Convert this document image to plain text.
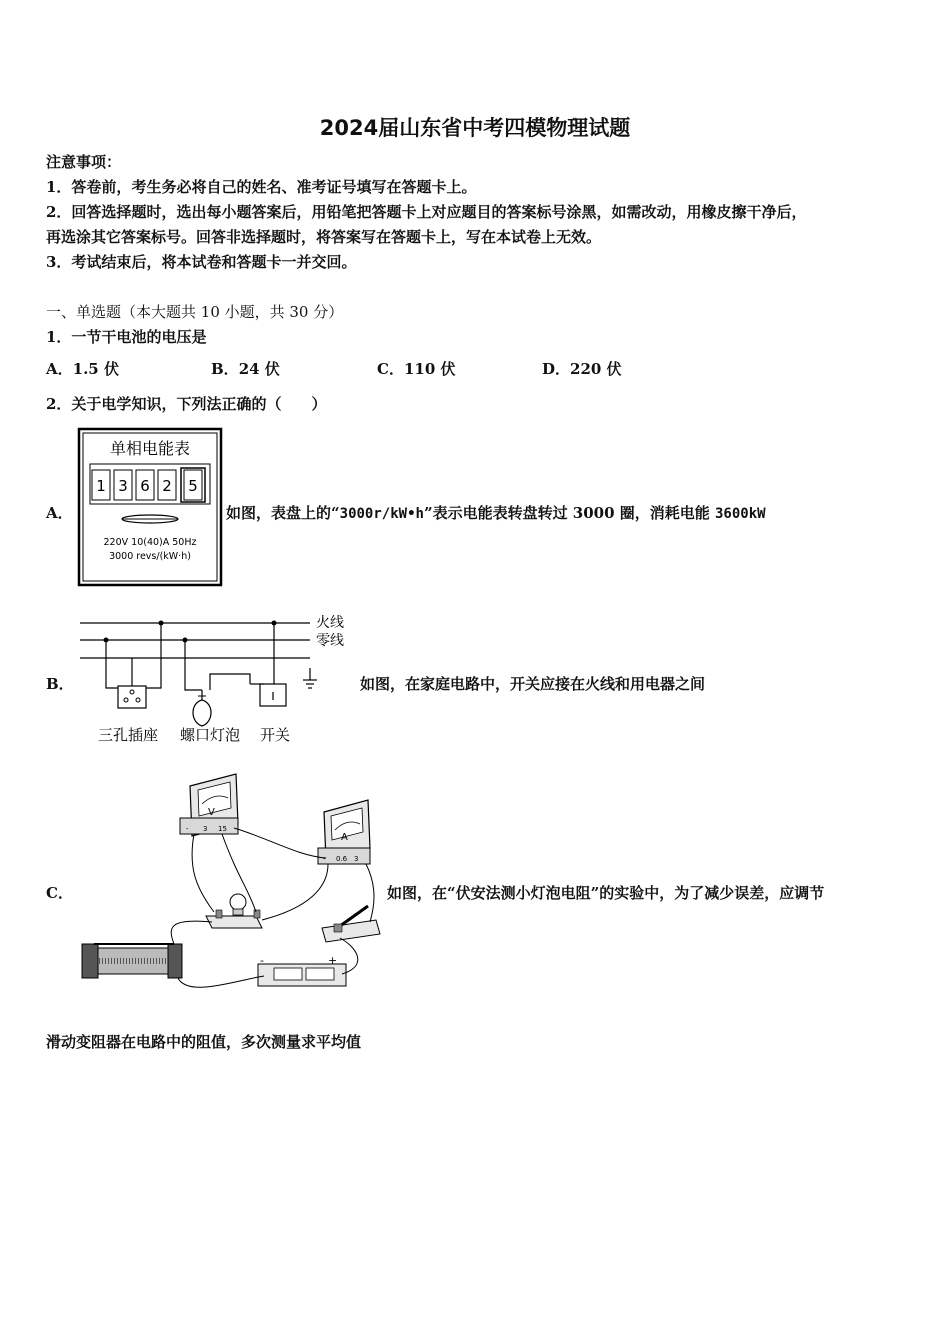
2024届山东省中考四模物理试题
注意事项：
1．答卷前，考生务必将自己的姓名、准考证号填写在答题卡上。
2．回答选择题时，选出每小题答案后，用铅笔把答题卡上对应题目的答案标号涂黑，如需改动，用橡皮擦干净后，
再选涂其它答案标号。回答非选择题时，将答案写在答题卡上，写在本试卷上无效。
3．考试结束后，将本试卷和答题卡一并交回。
一、单选题（本大题共 10 小题，共 30 分）
1．一节干电池的电压是
A．1.5 伏	B．24 伏	C．110 伏	D．220 伏
2．关于电学知识，下列法正确的（　　）
A．
单相电能表
1 3 6 2 5
220V 10(40)A 50Hz
3000 revs/(kW·h)
如图，表盘上的“3000r/kW•h”表示电能表转盘转过 3000 圈，消耗电能 3600kW
B．
火线
零线
三孔插座 螺口灯泡 开关
如图，在家庭电路中，开关应接在火线和用电器之间
C．
V
- 3 15
A
- 0.6 3
-	+
如图，在“伏安法测小灯泡电阻”的实验中，为了减少误差，应调节
滑动变阻器在电路中的阻值，多次测量求平均值
